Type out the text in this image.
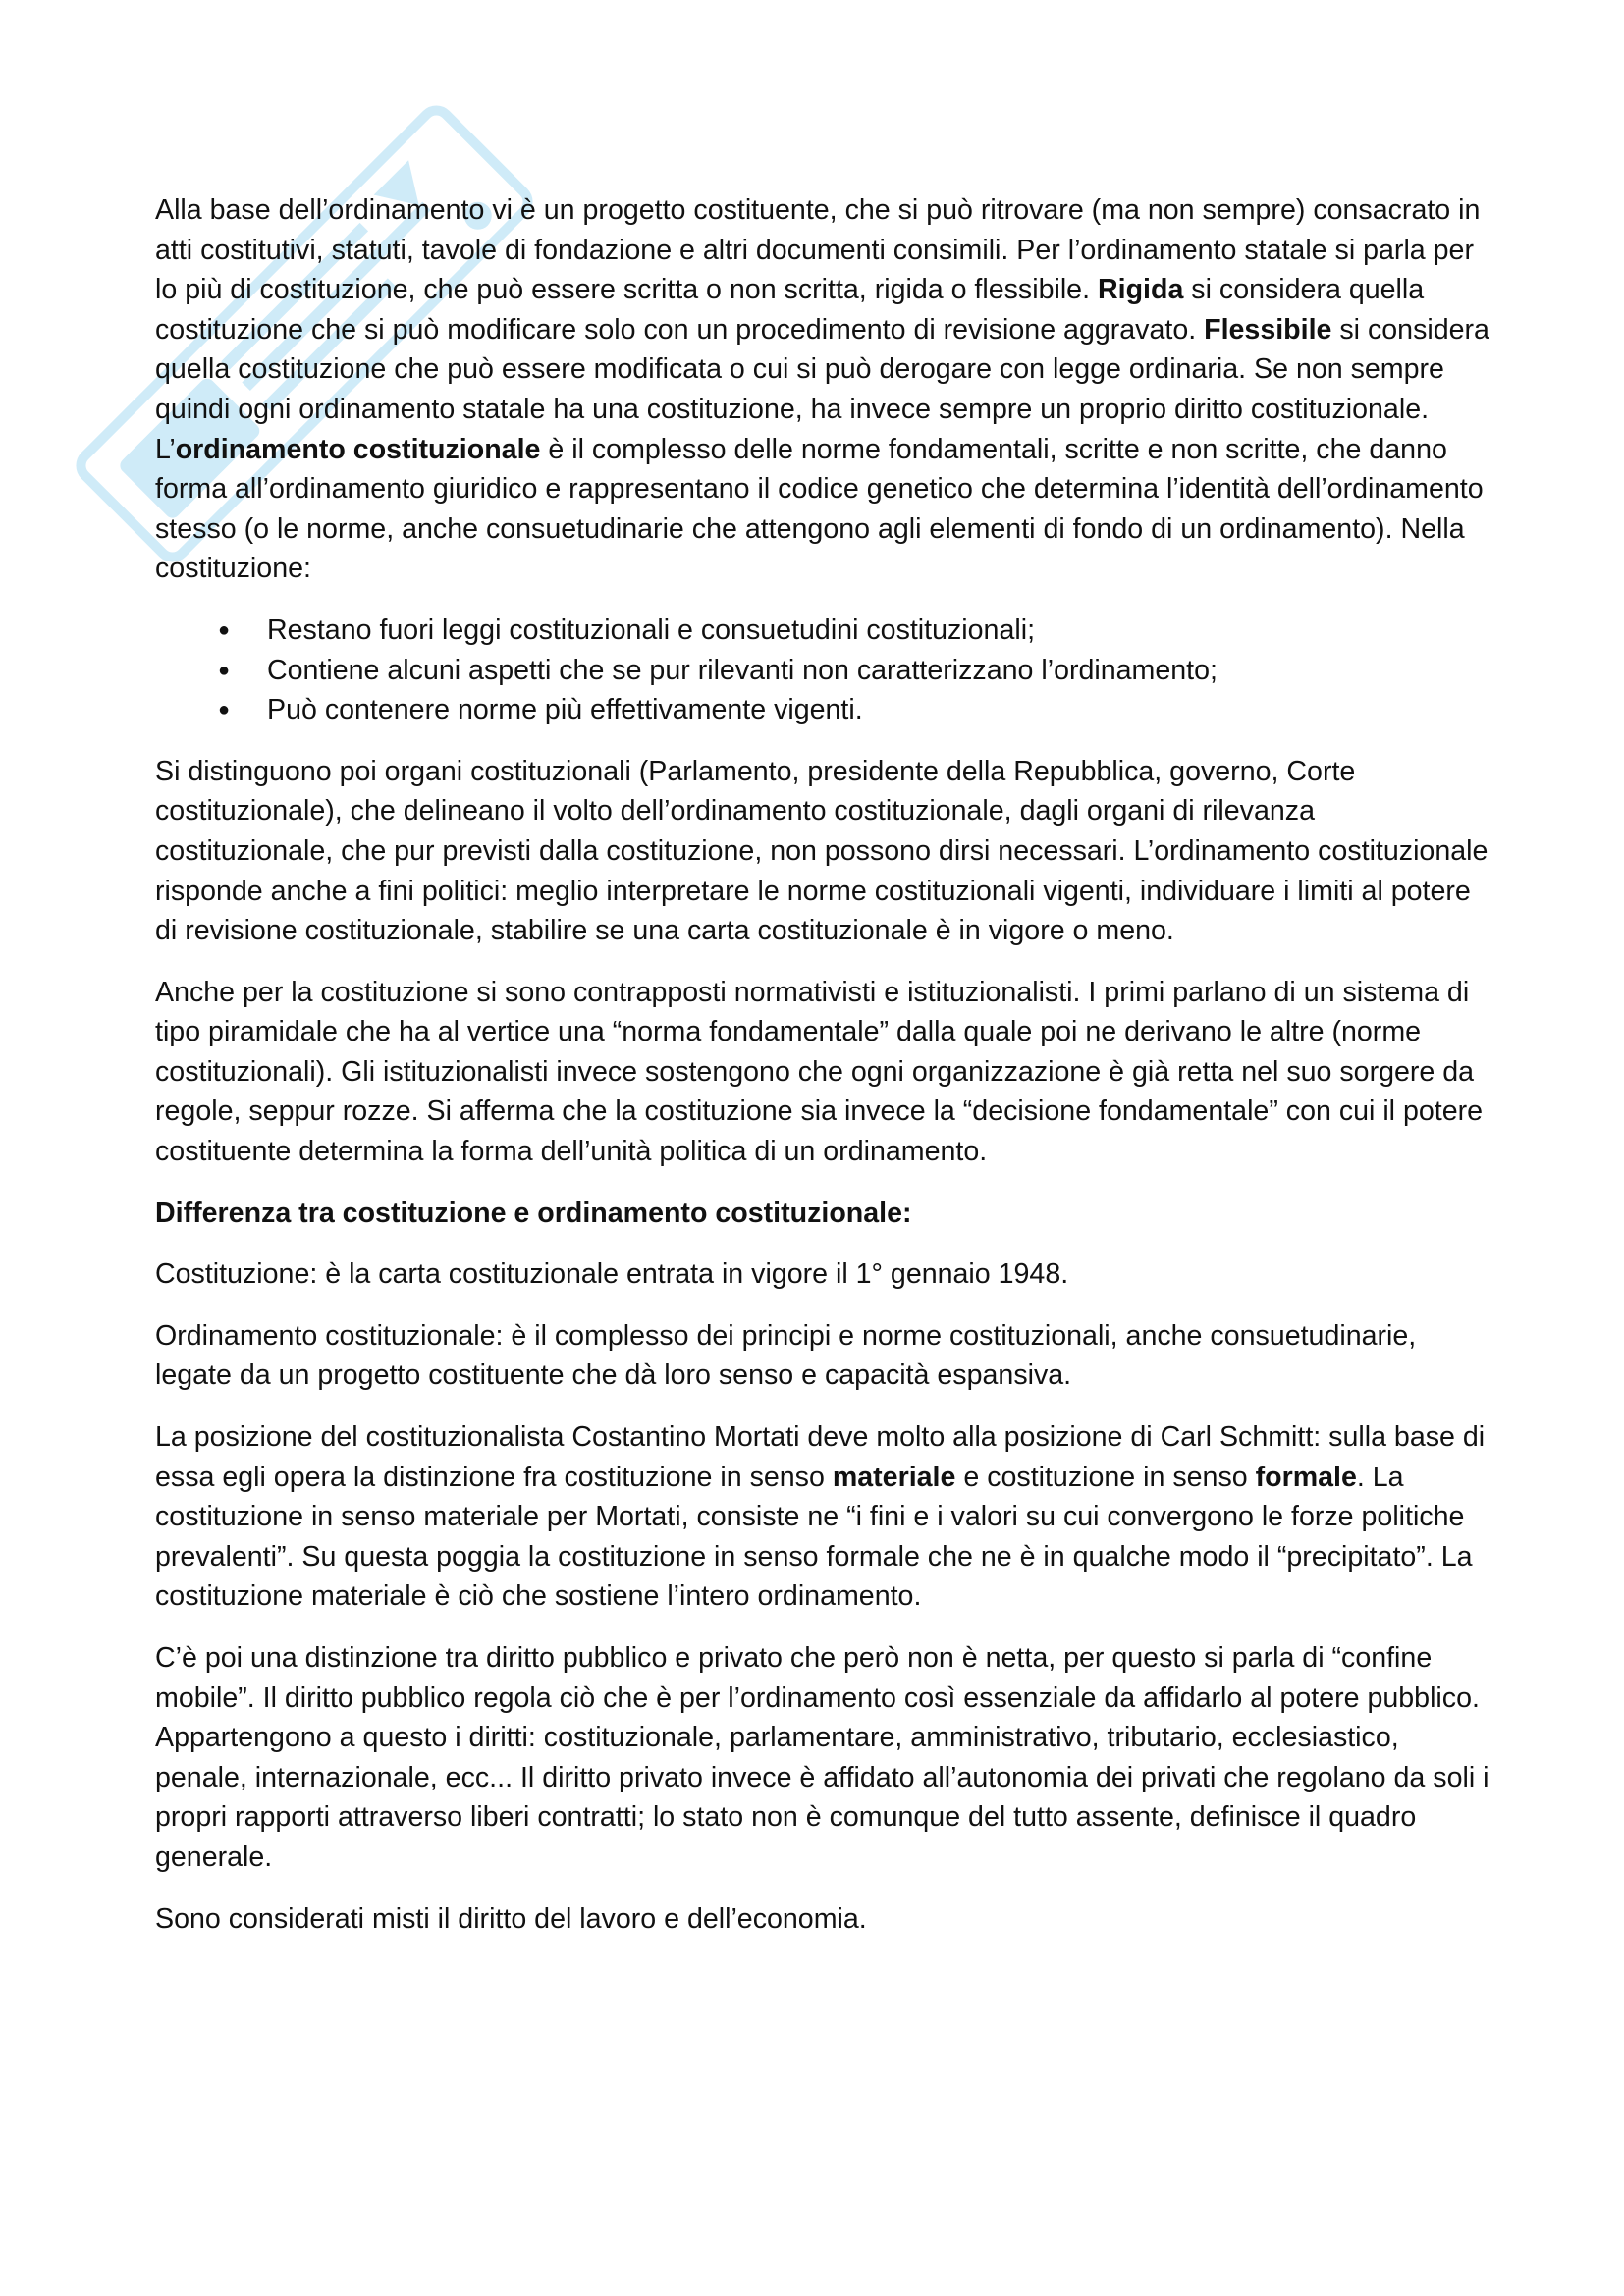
Alla base dell’ordinamento vi è un progetto costituente, che si può ritrovare (ma non sempre) consacrato in atti costitutivi, statuti, tavole di fondazione e altri documenti consimili. Per l’ordinamento statale si parla per lo più di costituzione, che può essere scritta o non scritta, rigida o flessibile. Rigida si considera quella costituzione che si può modificare solo con un procedimento di revisione aggravato. Flessibile si considera quella costituzione che può essere modificata o cui si può derogare con legge ordinaria. Se non sempre quindi ogni ordinamento statale ha una costituzione, ha invece sempre un proprio diritto costituzionale. L’ordinamento costituzionale è il complesso delle norme fondamentali, scritte e non scritte, che danno forma all’ordinamento giuridico e rappresentano il codice genetico che determina l’identità dell’ordinamento stesso (o le norme, anche consuetudinarie che attengono agli elementi di fondo di un ordinamento). Nella costituzione:

● Restano fuori leggi costituzionali e consuetudini costituzionali;
● Contiene alcuni aspetti che se pur rilevanti non caratterizzano l’ordinamento;
● Può contenere norme più effettivamente vigenti.

Si distinguono poi organi costituzionali (Parlamento, presidente della Repubblica, governo, Corte costituzionale), che delineano il volto dell’ordinamento costituzionale, dagli organi di rilevanza costituzionale, che pur previsti dalla costituzione, non possono dirsi necessari. L’ordinamento costituzionale risponde anche a fini politici: meglio interpretare le norme costituzionali vigenti, individuare i limiti al potere di revisione costituzionale, stabilire se una carta costituzionale è in vigore o meno.

Anche per la costituzione si sono contrapposti normativisti e istituzionalisti. I primi parlano di un sistema di tipo piramidale che ha al vertice una “norma fondamentale” dalla quale poi ne derivano le altre (norme costituzionali). Gli istituzionalisti invece sostengono che ogni organizzazione è già retta nel suo sorgere da regole, seppur rozze. Si afferma che la costituzione sia invece la “decisione fondamentale” con cui il potere costituente determina la forma dell’unità politica di un ordinamento.

Differenza tra costituzione e ordinamento costituzionale:

Costituzione: è la carta costituzionale entrata in vigore il 1° gennaio 1948.

Ordinamento costituzionale: è il complesso dei principi e norme costituzionali, anche consuetudinarie, legate da un progetto costituente che dà loro senso e capacità espansiva.

La posizione del costituzionalista Costantino Mortati deve molto alla posizione di Carl Schmitt: sulla base di essa egli opera la distinzione fra costituzione in senso materiale e costituzione in senso formale. La costituzione in senso materiale per Mortati, consiste ne “i fini e i valori su cui convergono le forze politiche prevalenti”. Su questa poggia la costituzione in senso formale che ne è in qualche modo il “precipitato”. La costituzione materiale è ciò che sostiene l’intero ordinamento.

C’è poi una distinzione tra diritto pubblico e privato che però non è netta, per questo si parla di “confine mobile”. Il diritto pubblico regola ciò che è per l’ordinamento così essenziale da affidarlo al potere pubblico. Appartengono a questo i diritti: costituzionale, parlamentare, amministrativo, tributario, ecclesiastico, penale, internazionale, ecc... Il diritto privato invece è affidato all’autonomia dei privati che regolano da soli i propri rapporti attraverso liberi contratti; lo stato non è comunque del tutto assente, definisce il quadro generale.

Sono considerati misti il diritto del lavoro e dell’economia.
